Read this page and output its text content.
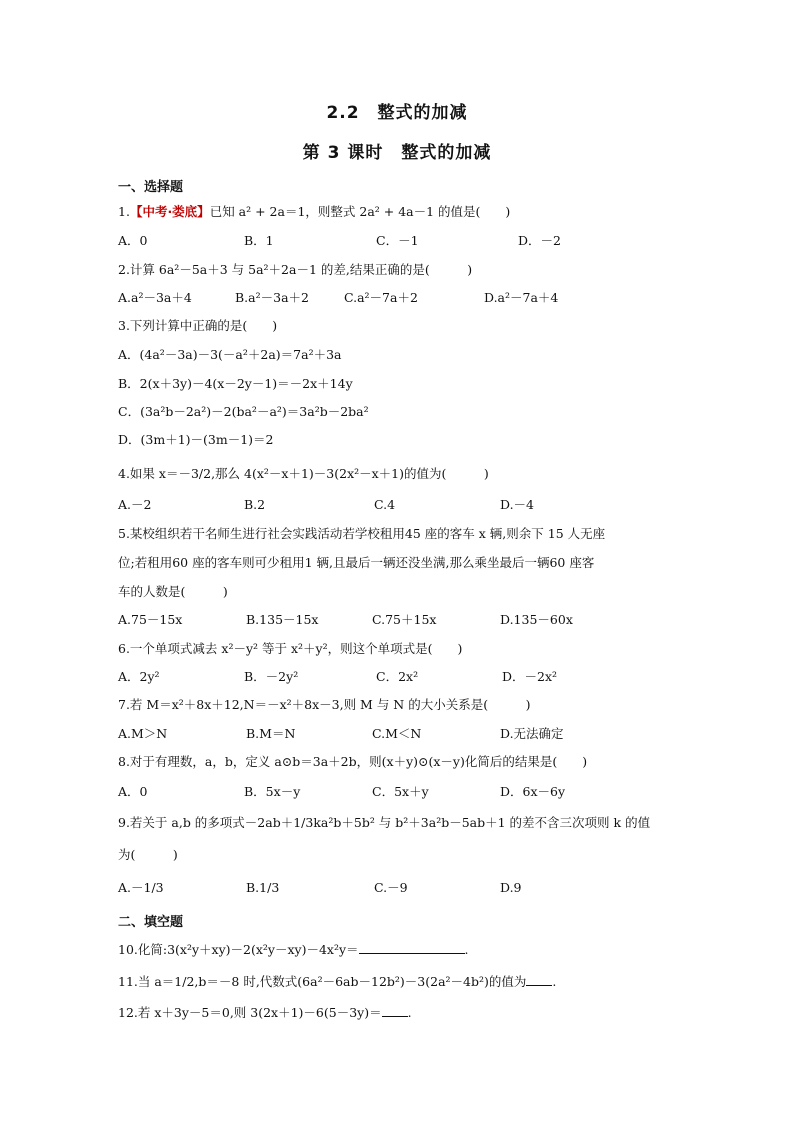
2.2　整式的加减
第 3 课时　整式的加减
一、选择题
1.【中考·娄底】已知 a² + 2a＝1，则整式 2a² + 4a－1 的值是(　　)
A．0	B．1	C．－1	D．－2
2.计算 6a²－5a＋3 与 5a²＋2a－1 的差,结果正确的是(　　　)
A.a²－3a＋4	B.a²－3a＋2	C.a²－7a＋2	D.a²－7a＋4
3.下列计算中正确的是(　　)
A．(4a²－3a)－3(－a²＋2a)＝7a²＋3a
B．2(x＋3y)－4(x－2y－1)＝－2x＋14y
C．(3a²b－2a²)－2(ba²－a²)＝3a²b－2ba²
D．(3m＋1)－(3m－1)＝2
4.如果 x＝－3/2,那么 4(x²－x＋1)－3(2x²－x＋1)的值为(　　　)
A.－2	B.2	C.4	D.－4
5.某校组织若干名师生进行社会实践活动若学校租用45 座的客车 x 辆,则余下 15 人无座
位;若租用60 座的客车则可少租用1 辆,且最后一辆还没坐满,那么乘坐最后一辆60 座客
车的人数是(　　　)
A.75－15x	B.135－15x	C.75＋15x	D.135－60x
6.一个单项式减去 x²－y² 等于 x²＋y²，则这个单项式是(　　)
A．2y²	B．－2y²	C．2x²	D．－2x²
7.若 M＝x²＋8x＋12,N＝－x²＋8x－3,则 M 与 N 的大小关系是(　　　)
A.M＞N	B.M＝N	C.M＜N	D.无法确定
8.对于有理数，a，b，定义 a⊙b＝3a＋2b，则(x＋y)⊙(x－y)化简后的结果是(　　)
A．0	B．5x－y	C．5x＋y	D．6x－6y
9.若关于 a,b 的多项式－2ab＋1/3ka²b＋5b² 与 b²＋3a²b－5ab＋1 的差不含三次项则 k 的值
为(　　　)
A.－1/3	B.1/3	C.－9	D.9
二、填空题
10.化简:3(x²y＋xy)－2(x²y－xy)－4x²y＝	.
11.当 a＝1/2,b＝－8 时,代数式(6a²－6ab－12b²)－3(2a²－4b²)的值为 .
12.若 x＋3y－5＝0,则 3(2x＋1)－6(5－3y)＝ .
